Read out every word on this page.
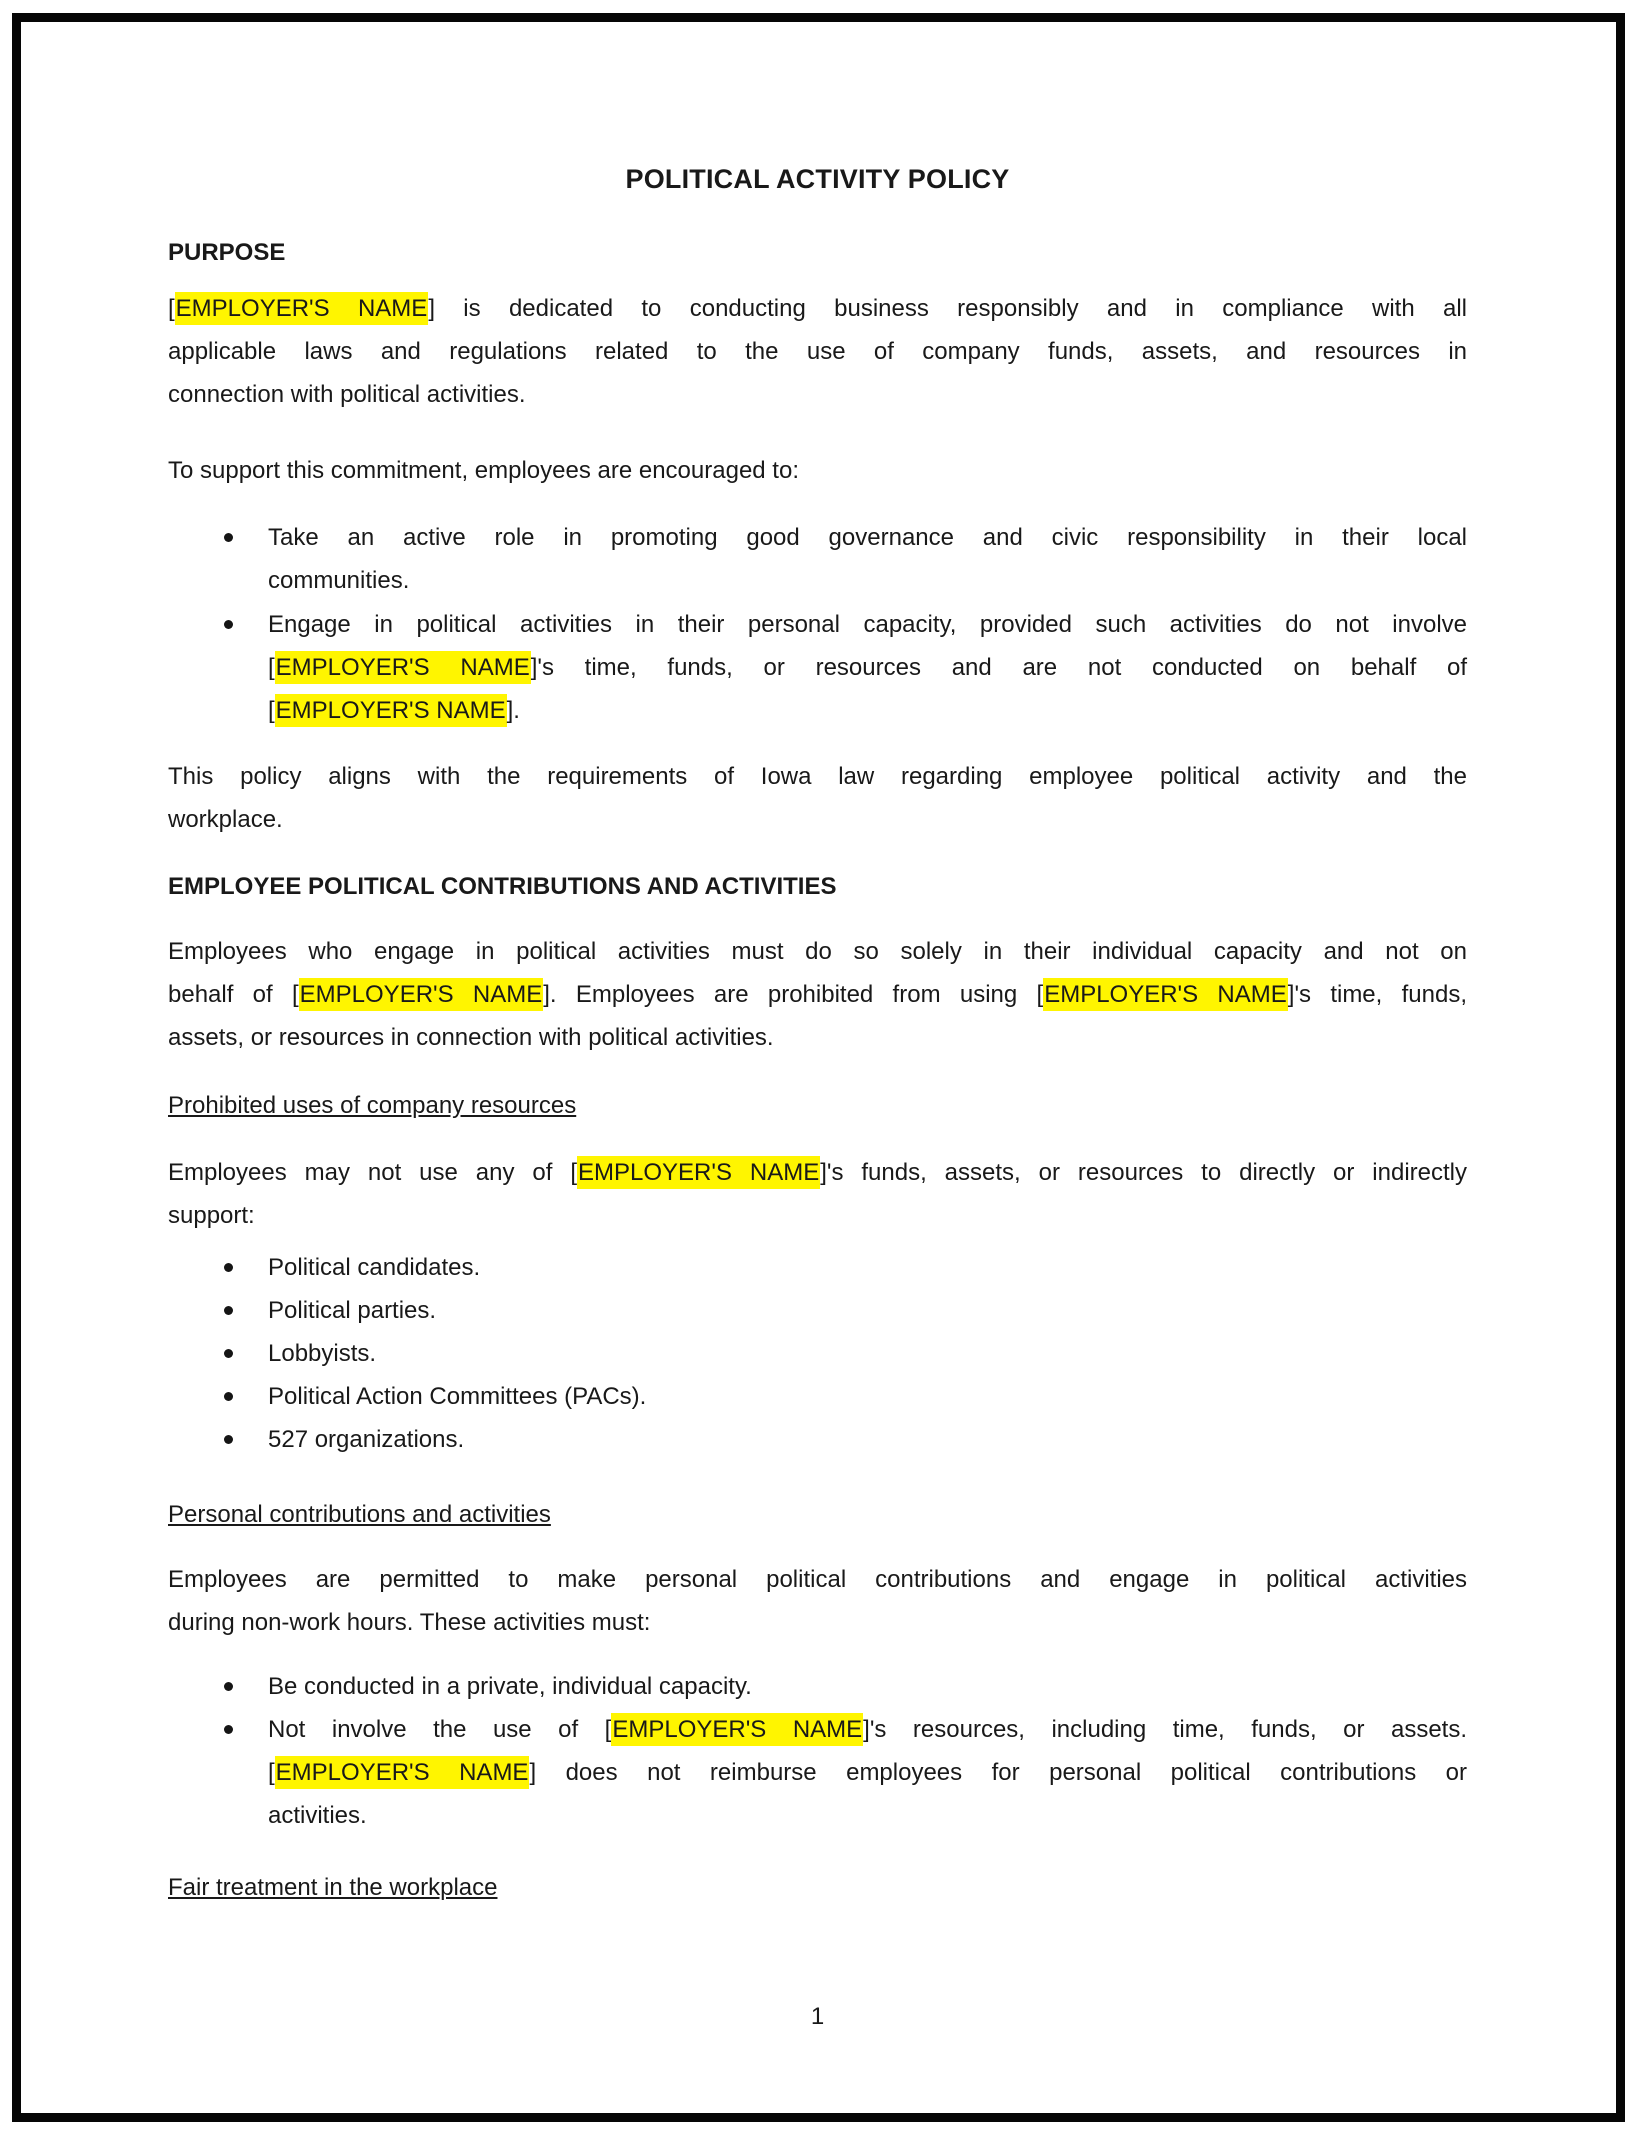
POLITICAL ACTIVITY POLICY
PURPOSE
[EMPLOYER'S NAME] is dedicated to conducting business responsibly and in compliance with all
applicable laws and regulations related to the use of company funds, assets, and resources in
connection with political activities.
To support this commitment, employees are encouraged to:
Take an active role in promoting good governance and civic responsibility in their local
communities.
Engage in political activities in their personal capacity, provided such activities do not involve
[EMPLOYER'S NAME]'s time, funds, or resources and are not conducted on behalf of
[EMPLOYER'S NAME].
This policy aligns with the requirements of Iowa law regarding employee political activity and the
workplace.
EMPLOYEE POLITICAL CONTRIBUTIONS AND ACTIVITIES
Employees who engage in political activities must do so solely in their individual capacity and not on
behalf of [EMPLOYER'S NAME]. Employees are prohibited from using [EMPLOYER'S NAME]'s time, funds,
assets, or resources in connection with political activities.
Prohibited uses of company resources
Employees may not use any of [EMPLOYER'S NAME]'s funds, assets, or resources to directly or indirectly
support:
Political candidates.
Political parties.
Lobbyists.
Political Action Committees (PACs).
527 organizations.
Personal contributions and activities
Employees are permitted to make personal political contributions and engage in political activities
during non-work hours. These activities must:
Be conducted in a private, individual capacity.
Not involve the use of [EMPLOYER'S NAME]'s resources, including time, funds, or assets.
[EMPLOYER'S NAME] does not reimburse employees for personal political contributions or
activities.
Fair treatment in the workplace
1
